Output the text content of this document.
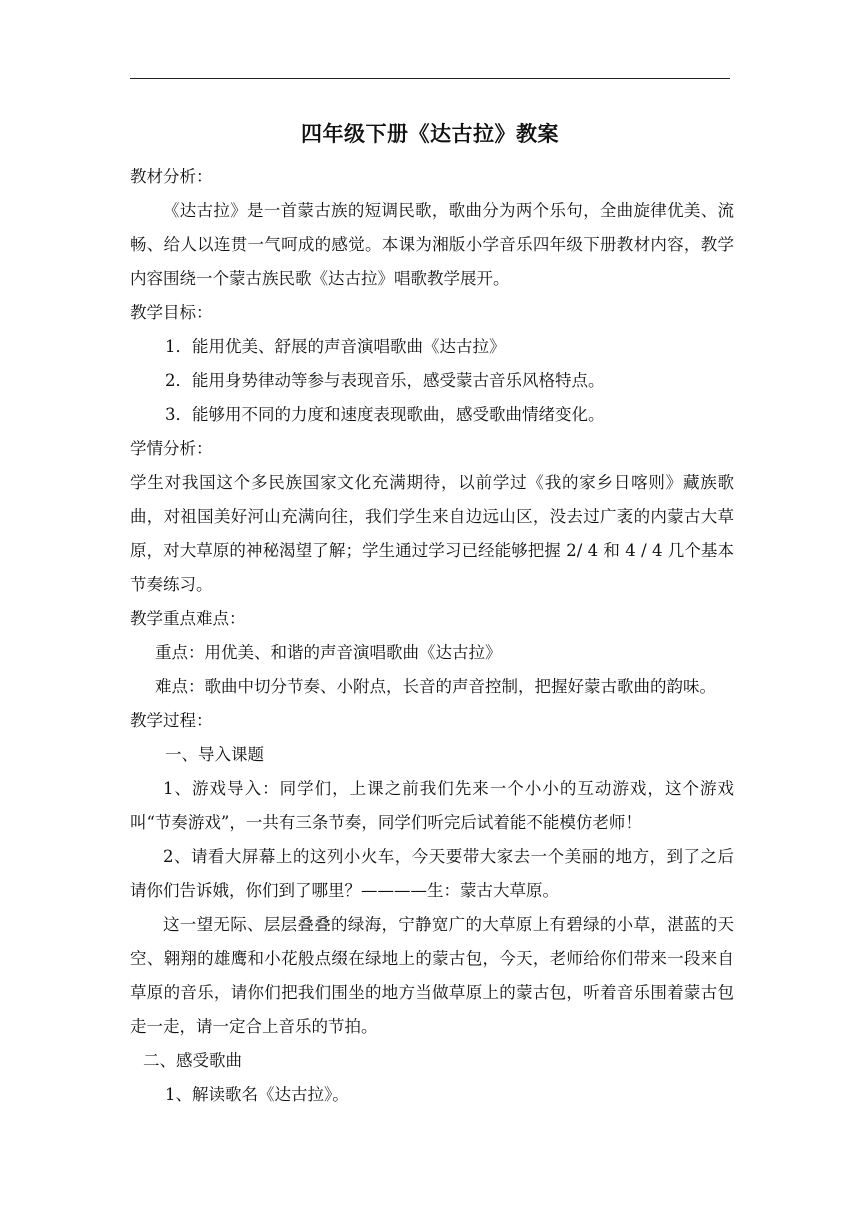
四年级下册《达古拉》教案

教材分析：

《达古拉》是一首蒙古族的短调民歌，歌曲分为两个乐句，全曲旋律优美、流畅、给人以连贯一气呵成的感觉。本课为湘版小学音乐四年级下册教材内容，教学内容围绕一个蒙古族民歌《达古拉》唱歌教学展开。

教学目标：

1．能用优美、舒展的声音演唱歌曲《达古拉》

2．能用身势律动等参与表现音乐，感受蒙古音乐风格特点。

3．能够用不同的力度和速度表现歌曲，感受歌曲情绪变化。

学情分析：

学生对我国这个多民族国家文化充满期待，以前学过《我的家乡日喀则》藏族歌曲，对祖国美好河山充满向往，我们学生来自边远山区，没去过广袤的内蒙古大草原，对大草原的神秘渴望了解；学生通过学习已经能够把握 2/ 4 和 4 / 4 几个基本节奏练习。

教学重点难点：

重点：用优美、和谐的声音演唱歌曲《达古拉》

难点：歌曲中切分节奏、小附点，长音的声音控制，把握好蒙古歌曲的韵味。

教学过程：

一、导入课题

1、游戏导入：同学们，上课之前我们先来一个小小的互动游戏，这个游戏叫“节奏游戏”，一共有三条节奏，同学们听完后试着能不能模仿老师！

2、请看大屏幕上的这列小火车，今天要带大家去一个美丽的地方，到了之后请你们告诉娥，你们到了哪里？————生：蒙古大草原。

这一望无际、层层叠叠的绿海，宁静宽广的大草原上有碧绿的小草，湛蓝的天空、翱翔的雄鹰和小花般点缀在绿地上的蒙古包，今天，老师给你们带来一段来自草原的音乐，请你们把我们围坐的地方当做草原上的蒙古包，听着音乐围着蒙古包走一走，请一定合上音乐的节拍。

二、感受歌曲

1、解读歌名《达古拉》。
